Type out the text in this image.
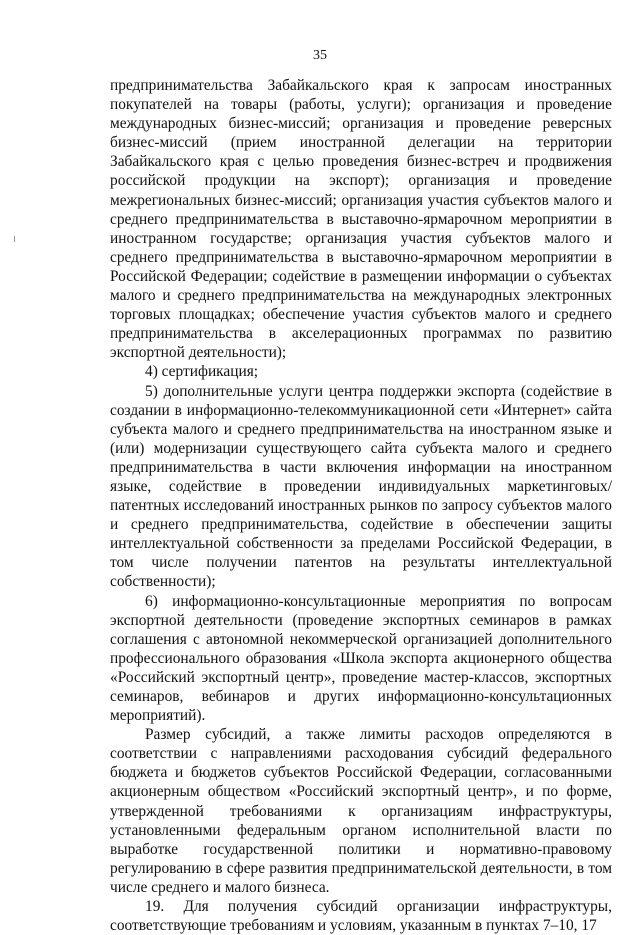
35

предпринимательства Забайкальского края к запросам иностранных покупателей на товары (работы, услуги); организация и проведение международных бизнес-миссий; организация и проведение реверсных бизнес-миссий (прием иностранной делегации на территории Забайкальского края с целью проведения бизнес-встреч и продвижения российской продукции на экспорт); организация и проведение межрегиональных бизнес-миссий; организация участия субъектов малого и среднего предпринимательства в выставочно-ярмарочном мероприятии в иностранном государстве; организация участия субъектов малого и среднего предпринимательства в выставочно-ярмарочном мероприятии в Российской Федерации; содействие в размещении информации о субъектах малого и среднего предпринимательства на международных электронных торговых площадках; обеспечение участия субъектов малого и среднего предпринимательства в акселерационных программах по развитию экспортной деятельности);

4) сертификация;

5) дополнительные услуги центра поддержки экспорта (содействие в создании в информационно-телекоммуникационной сети «Интернет» сайта субъекта малого и среднего предпринимательства на иностранном языке и (или) модернизации существующего сайта субъекта малого и среднего предпринимательства в части включения информации на иностранном языке, содействие в проведении индивидуальных маркетинговых/патентных исследований иностранных рынков по запросу субъектов малого и среднего предпринимательства, содействие в обеспечении защиты интеллектуальной собственности за пределами Российской Федерации, в том числе получении патентов на результаты интеллектуальной собственности);

6) информационно-консультационные мероприятия по вопросам экспортной деятельности (проведение экспортных семинаров в рамках соглашения с автономной некоммерческой организацией дополнительного профессионального образования «Школа экспорта акционерного общества «Российский экспортный центр», проведение мастер-классов, экспортных семинаров, вебинаров и других информационно-консультационных мероприятий).

Размер субсидий, а также лимиты расходов определяются в соответствии с направлениями расходования субсидий федерального бюджета и бюджетов субъектов Российской Федерации, согласованными акционерным обществом «Российский экспортный центр», и по форме, утвержденной требованиями к организациям инфраструктуры, установленными федеральным органом исполнительной власти по выработке государственной политики и нормативно-правовому регулированию в сфере развития предпринимательской деятельности, в том числе среднего и малого бизнеса.

19. Для получения субсидий организации инфраструктуры, соответствующие требованиям и условиям, указанным в пунктах 7–10, 17
